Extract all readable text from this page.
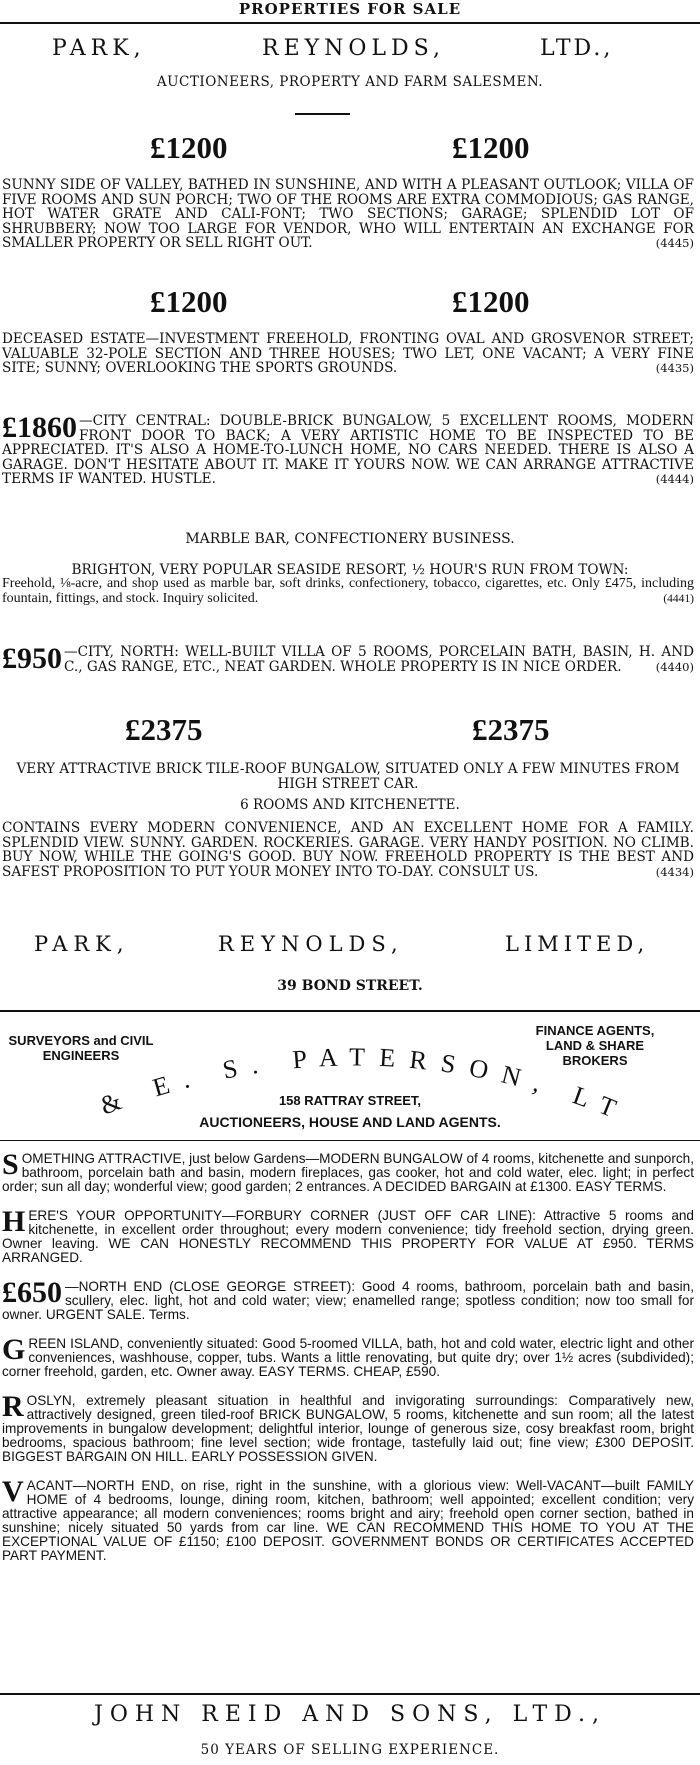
PROPERTIES FOR SALE
PARK,	REYNOLDS,	LTD.,
AUCTIONEERS, PROPERTY AND FARM SALESMEN.
£1200	£1200
SUNNY SIDE OF VALLEY, BATHED IN SUNSHINE, AND WITH A PLEASANT OUTLOOK; VILLA OF FIVE ROOMS AND SUN PORCH; TWO OF THE ROOMS ARE EXTRA COMMODIOUS; GAS RANGE, HOT WATER GRATE AND CALI-FONT; TWO SECTIONS; GARAGE; SPLENDID LOT OF SHRUBBERY; NOW TOO LARGE FOR VENDOR, WHO WILL ENTERTAIN AN EXCHANGE FOR SMALLER PROPERTY OR SELL RIGHT OUT.	(4445)
£1200	£1200
DECEASED ESTATE—INVESTMENT FREEHOLD, FRONTING OVAL AND GROSVENOR STREET; VALUABLE 32-POLE SECTION AND THREE HOUSES; TWO LET, ONE VACANT; A VERY FINE SITE; SUNNY; OVERLOOKING THE SPORTS GROUNDS.	(4435)
£1860 —CITY CENTRAL: DOUBLE-BRICK BUNGALOW, 5 EXCELLENT ROOMS, MODERN FRONT DOOR TO BACK; A VERY ARTISTIC HOME TO BE INSPECTED TO BE APPRECIATED. IT'S ALSO A HOME-TO-LUNCH HOME, NO CARS NEEDED. THERE IS ALSO A GARAGE. DON'T HESITATE ABOUT IT. MAKE IT YOURS NOW. WE CAN ARRANGE ATTRACTIVE TERMS IF WANTED. HUSTLE.	(4444)
MARBLE BAR, CONFECTIONERY BUSINESS.
BRIGHTON, VERY POPULAR SEASIDE RESORT, ½ HOUR'S RUN FROM TOWN:
Freehold, ⅛-acre, and shop used as marble bar, soft drinks, confectionery, tobacco, cigarettes, etc. Only £475, including fountain, fittings, and stock. Inquiry solicited.	(4441)
£950 —CITY, NORTH: WELL-BUILT VILLA OF 5 ROOMS, PORCELAIN BATH, BASIN, H. AND C., GAS RANGE, ETC., NEAT GARDEN. WHOLE PROPERTY IS IN NICE ORDER.	(4440)
£2375	£2375
VERY ATTRACTIVE BRICK TILE-ROOF BUNGALOW, SITUATED ONLY A FEW MINUTES FROM HIGH STREET CAR.
6 ROOMS AND KITCHENETTE.
CONTAINS EVERY MODERN CONVENIENCE, AND AN EXCELLENT HOME FOR A FAMILY. SPLENDID VIEW. SUNNY. GARDEN. ROCKERIES. GARAGE. VERY HANDY POSITION. NO CLIMB. BUY NOW, WHILE THE GOING'S GOOD. BUY NOW. FREEHOLD PROPERTY IS THE BEST AND SAFEST PROPOSITION TO PUT YOUR MONEY INTO TO-DAY. CONSULT US.	(4434)
PARK,	REYNOLDS,	LIMITED,
39 BOND STREET.
SURVEYORS and CIVIL ENGINEERS
FINANCE AGENTS, LAND & SHARE BROKERS
& E. S. PATERSON, LT
158 RATTRAY STREET,
AUCTIONEERS, HOUSE AND LAND AGENTS.
SOMETHING ATTRACTIVE, just below Gardens—MODERN BUNGALOW of 4 rooms, kitchenette and sunporch, bathroom, porcelain bath and basin, modern fireplaces, gas cooker, hot and cold water, elec. light; in perfect order; sun all day; wonderful view; good garden; 2 entrances. A DECIDED BARGAIN at £1300. EASY TERMS.
HERE'S YOUR OPPORTUNITY—FORBURY CORNER (JUST OFF CAR LINE): Attractive 5 rooms and kitchenette, in excellent order throughout; every modern convenience; tidy freehold section, drying green. Owner leaving. WE CAN HONESTLY RECOMMEND THIS PROPERTY FOR VALUE AT £950. TERMS ARRANGED.
£650 —NORTH END (CLOSE GEORGE STREET): Good 4 rooms, bathroom, porcelain bath and basin, scullery, elec. light, hot and cold water; view; enamelled range; spotless condition; now too small for owner. URGENT SALE. Terms.
GREEN ISLAND, conveniently situated: Good 5-roomed VILLA, bath, hot and cold water, electric light and other conveniences, washhouse, copper, tubs. Wants a little renovating, but quite dry; over 1½ acres (subdivided); corner freehold, garden, etc. Owner away. EASY TERMS. CHEAP, £590.
ROSLYN, extremely pleasant situation in healthful and invigorating surroundings: Comparatively new, attractively designed, green tiled-roof BRICK BUNGALOW, 5 rooms, kitchenette and sun room; all the latest improvements in bungalow development; delightful interior, lounge of generous size, cosy breakfast room, bright bedrooms, spacious bathroom; fine level section; wide frontage, tastefully laid out; fine view; £300 DEPOSIT. BIGGEST BARGAIN ON HILL. EARLY POSSESSION GIVEN.
VACANT—NORTH END, on rise, right in the sunshine, with a glorious view: Well-VACANT—built FAMILY HOME of 4 bedrooms, lounge, dining room, kitchen, bathroom; well appointed; excellent condition; very attractive appearance; all modern conveniences; rooms bright and airy; freehold open corner section, bathed in sunshine; nicely situated 50 yards from car line. WE CAN RECOMMEND THIS HOME TO YOU AT THE EXCEPTIONAL VALUE OF £1150; £100 DEPOSIT. GOVERNMENT BONDS OR CERTIFICATES ACCEPTED PART PAYMENT.
JOHN REID AND SONS, LTD.,
50 YEARS OF SELLING EXPERIENCE.
